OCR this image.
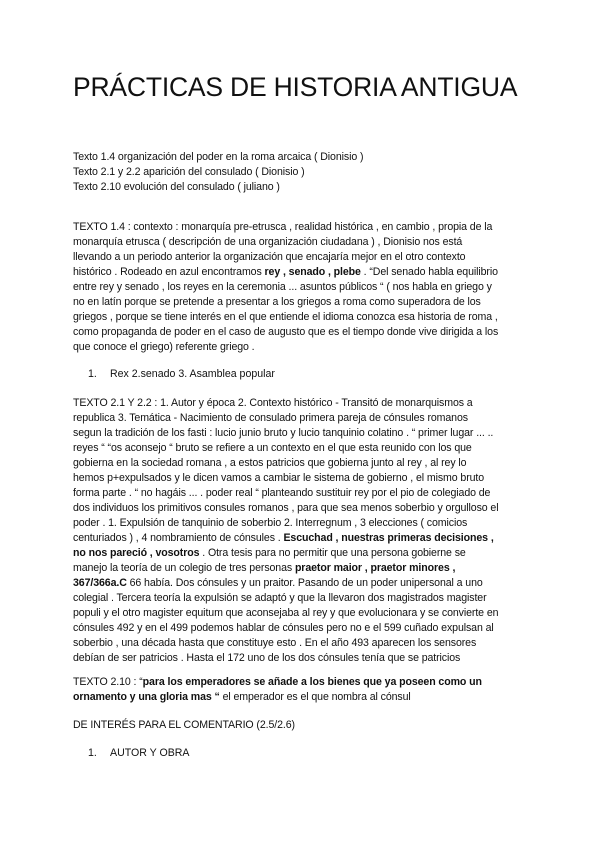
PRÁCTICAS DE HISTORIA ANTIGUA
Texto 1.4 organización del poder en la roma arcaica ( Dionisio )
Texto 2.1 y 2.2 aparición del consulado ( Dionisio )
Texto 2.10 evolución del consulado ( juliano )
TEXTO 1.4 : contexto : monarquía pre-etrusca , realidad histórica , en cambio , propia de la
monarquía etrusca ( descripción de una organización ciudadana ) , Dionisio nos está
llevando a un periodo anterior la organización que encajaría mejor en el otro contexto
histórico . Rodeado en azul encontramos rey , senado , plebe . “Del senado habla equilibrio
entre rey y senado , los reyes en la ceremonia ... asuntos públicos “ ( nos habla en griego y
no en latín porque se pretende a presentar a los griegos a roma como superadora de los
griegos , porque se tiene interés en el que entiende el idioma conozca esa historia de roma ,
como propaganda de poder en el caso de augusto que es el tiempo donde vive dirigida a los
que conoce el griego) referente griego .
1. Rex 2.senado 3. Asamblea popular
TEXTO 2.1 Y 2.2 : 1. Autor y época 2. Contexto histórico - Transitó de monarquismos a
republica 3. Temática - Nacimiento de consulado primera pareja de cónsules romanos
segun la tradición de los fasti : lucio junio bruto y lucio tanquinio colatino . “ primer lugar ... ..
reyes “ “os aconsejo “ bruto se refiere a un contexto en el que esta reunido con los que
gobierna en la sociedad romana , a estos patricios que gobierna junto al rey , al rey lo
hemos p+expulsados y le dicen vamos a cambiar le sistema de gobierno , el mismo bruto
forma parte . “ no hagáis ... . poder real “ planteando sustituir rey por el pio de colegiado de
dos individuos los primitivos consules romanos , para que sea menos soberbio y orgulloso el
poder . 1. Expulsión de tanquinio de soberbio 2. Interregnum , 3 elecciones ( comicios
centuriados ) , 4 nombramiento de cónsules . Escuchad , nuestras primeras decisiones ,
no nos pareció , vosotros . Otra tesis para no permitir que una persona gobierne se
manejo la teoría de un colegio de tres personas praetor maior , praetor minores ,
367/366a.C 66 había. Dos cónsules y un praitor. Pasando de un poder unipersonal a uno
colegial . Tercera teoría la expulsión se adaptó y que la llevaron dos magistrados magister
populi y el otro magister equitum que aconsejaba al rey y que evolucionara y se convierte en
cónsules 492 y en el 499 podemos hablar de cónsules pero no e el 599 cuñado expulsan al
soberbio , una década hasta que constituye esto . En el año 493 aparecen los sensores
debían de ser patricios . Hasta el 172 uno de los dos cónsules tenía que se patricios
TEXTO 2.10 : “para los emperadores se añade a los bienes que ya poseen como un
ornamento y una gloria mas “ el emperador es el que nombra al cónsul
DE INTERÉS PARA EL COMENTARIO (2.5/2.6)
1. AUTOR Y OBRA
